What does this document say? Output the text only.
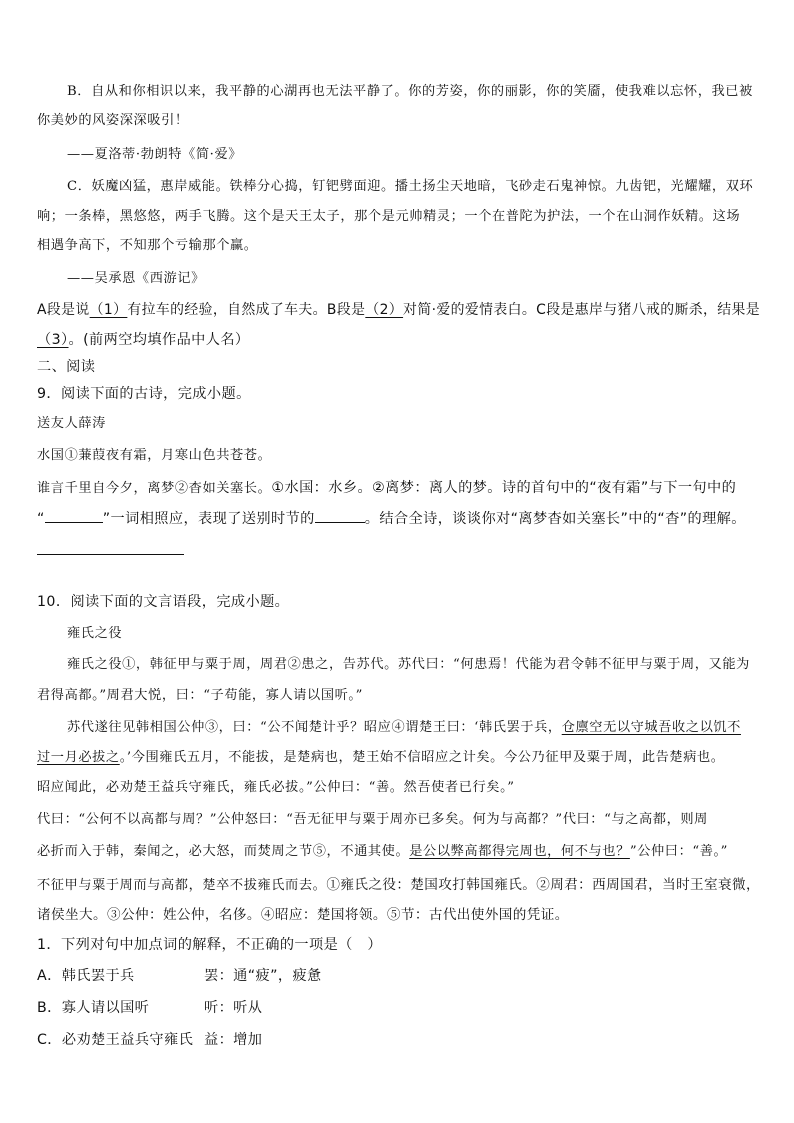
B．自从和你相识以来，我平静的心湖再也无法平静了。你的芳姿，你的丽影，你的笑靥，使我难以忘怀，我已被
你美妙的风姿深深吸引！
——夏洛蒂·勃朗特《简·爱》
C．妖魔凶猛，惠岸威能。铁棒分心捣，钉钯劈面迎。播土扬尘天地暗，飞砂走石鬼神惊。九齿钯，光耀耀，双环
响；一条棒，黑悠悠，两手飞腾。这个是天王太子，那个是元帅精灵；一个在普陀为护法，一个在山洞作妖精。这场
相遇争高下，不知那个亏输那个赢。
——吴承恩《西游记》
A段是说（1）有拉车的经验，自然成了车夫。B段是（2）对简·爱的爱情表白。C段是惠岸与猪八戒的厮杀，结果是
（3）。(前两空均填作品中人名）
二、阅读
9．阅读下面的古诗，完成小题。
送友人薛涛
水国①蒹葭夜有霜，月寒山色共苍苍。
谁言千里自今夕，离梦②杳如关塞长。①水国：水乡。②离梦：离人的梦。诗的首句中的“夜有霜”与下一句中的
“	”一词相照应，表现了送别时节的	。结合全诗，谈谈你对“离梦杳如关塞长”中的“杳”的理解。
10．阅读下面的文言语段，完成小题。
雍氏之役
雍氏之役①，韩征甲与粟于周，周君②患之，告苏代。苏代曰：“何患焉！代能为君令韩不征甲与粟于周，又能为
君得高都。”周君大悦，曰：“子苟能，寡人请以国听。”
苏代遂往见韩相国公仲③，曰：“公不闻楚计乎？昭应④谓楚王曰：‘韩氏罢于兵，仓廪空无以守城吾收之以饥不
过一月必拔之。’今围雍氏五月，不能拔，是楚病也，楚王始不信昭应之计矣。今公乃征甲及粟于周，此告楚病也。
昭应闻此，必劝楚王益兵守雍氏，雍氏必拔。”公仲曰：“善。然吾使者已行矣。”
代曰：“公何不以高都与周？”公仲怒曰：“吾无征甲与粟于周亦已多矣。何为与高都？”代曰：“与之高都，则周
必折而入于韩，秦闻之，必大怒，而焚周之节⑤，不通其使。是公以弊高都得完周也，何不与也？”公仲曰：“善。”
不征甲与粟于周而与高都，楚卒不拔雍氏而去。①雍氏之役：楚国攻打韩国雍氏。②周君：西周国君，当时王室衰微，
诸侯坐大。③公仲：姓公仲，名侈。④昭应：楚国将领。⑤节：古代出使外国的凭证。
1．下列对句中加点词的解释，不正确的一项是（　）
A．韩氏罢于兵	罢：通“疲”，疲惫
B．寡人请以国听	听：听从
C．必劝楚王益兵守雍氏 益：增加
